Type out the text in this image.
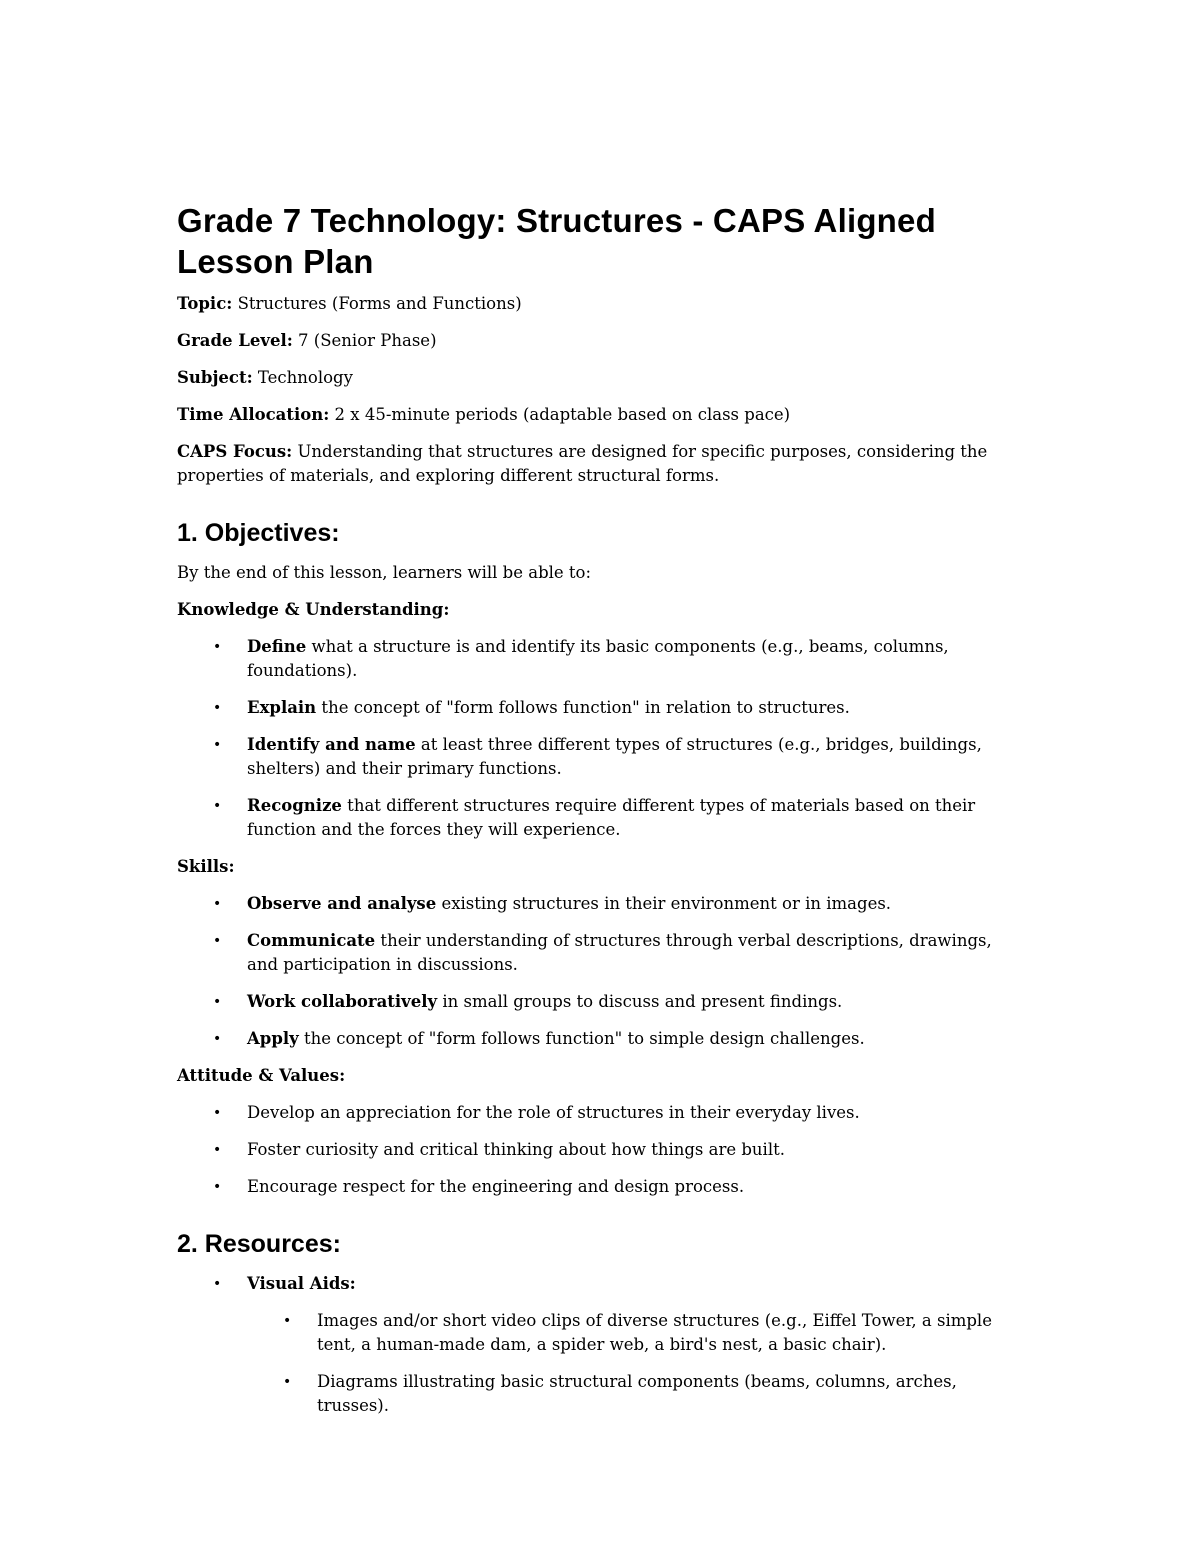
Grade 7 Technology: Structures - CAPS Aligned Lesson Plan

Topic: Structures (Forms and Functions)

Grade Level: 7 (Senior Phase)

Subject: Technology

Time Allocation: 2 x 45-minute periods (adaptable based on class pace)

CAPS Focus: Understanding that structures are designed for specific purposes, considering the properties of materials, and exploring different structural forms.

1. Objectives:

By the end of this lesson, learners will be able to:

Knowledge & Understanding:

• Define what a structure is and identify its basic components (e.g., beams, columns, foundations).
• Explain the concept of "form follows function" in relation to structures.
• Identify and name at least three different types of structures (e.g., bridges, buildings, shelters) and their primary functions.
• Recognize that different structures require different types of materials based on their function and the forces they will experience.

Skills:

• Observe and analyse existing structures in their environment or in images.
• Communicate their understanding of structures through verbal descriptions, drawings, and participation in discussions.
• Work collaboratively in small groups to discuss and present findings.
• Apply the concept of "form follows function" to simple design challenges.

Attitude & Values:

• Develop an appreciation for the role of structures in their everyday lives.
• Foster curiosity and critical thinking about how things are built.
• Encourage respect for the engineering and design process.
2. Resources:
• Visual Aids:
• Images and/or short video clips of diverse structures (e.g., Eiffel Tower, a simple tent, a human-made dam, a spider web, a bird's nest, a basic chair).
• Diagrams illustrating basic structural components (beams, columns, arches, trusses).
